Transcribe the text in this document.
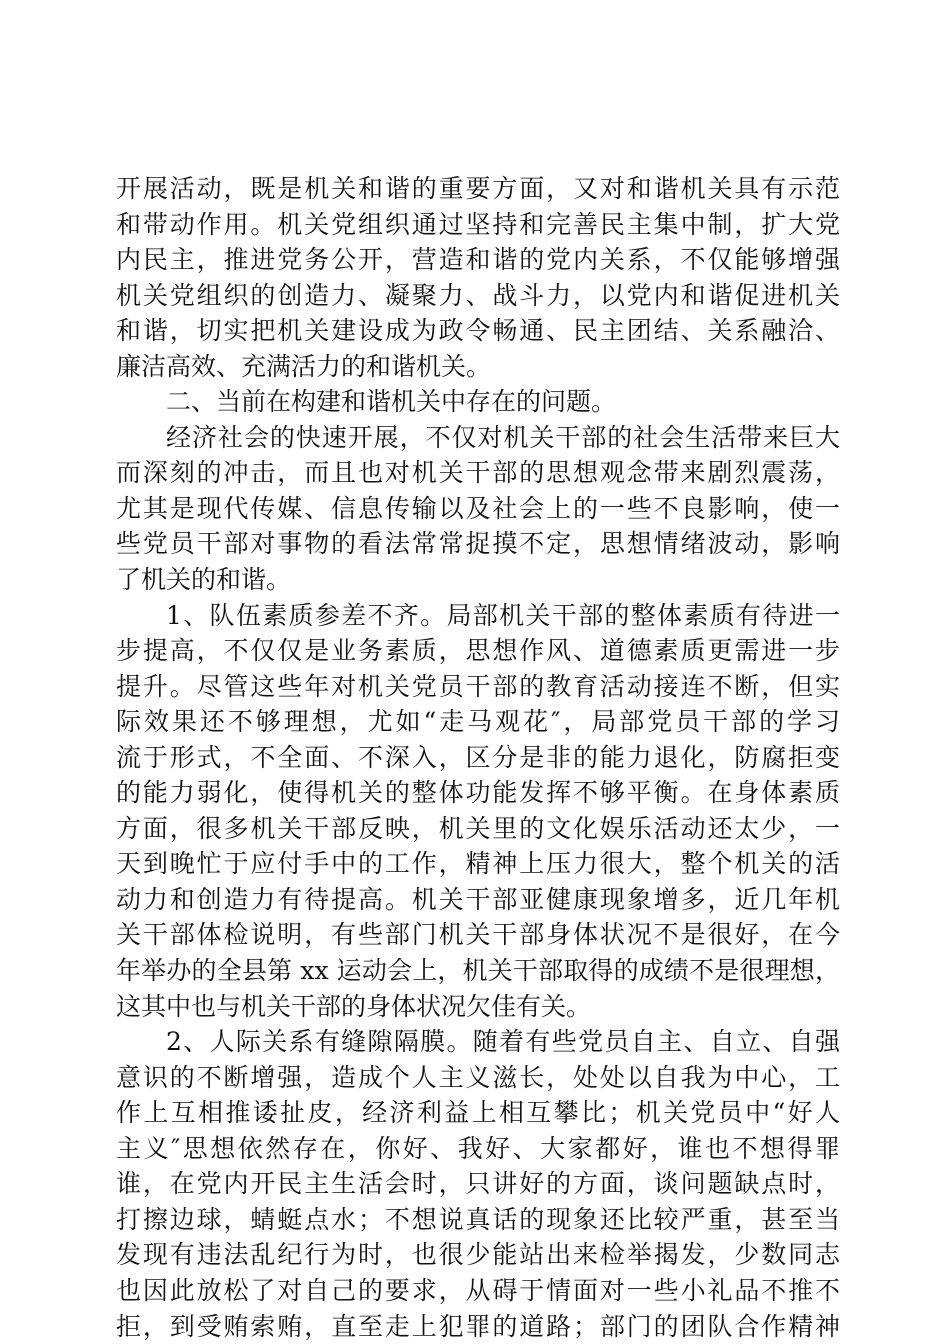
开展活动，既是机关和谐的重要方面，又对和谐机关具有示范
和带动作用。机关党组织通过坚持和完善民主集中制，扩大党
内民主，推进党务公开，营造和谐的党内关系，不仅能够增强
机关党组织的创造力、凝聚力、战斗力，以党内和谐促进机关
和谐，切实把机关建设成为政令畅通、民主团结、关系融洽、
廉洁高效、充满活力的和谐机关。
二、当前在构建和谐机关中存在的问题。
经济社会的快速开展，不仅对机关干部的社会生活带来巨大
而深刻的冲击，而且也对机关干部的思想观念带来剧烈震荡，
尤其是现代传媒、信息传输以及社会上的一些不良影响，使一
些党员干部对事物的看法常常捉摸不定，思想情绪波动，影响
了机关的和谐。
1、队伍素质参差不齐。局部机关干部的整体素质有待进一
步提高，不仅仅是业务素质，思想作风、道德素质更需进一步
提升。尽管这些年对机关党员干部的教育活动接连不断，但实
际效果还不够理想，尤如“走马观花″，局部党员干部的学习
流于形式，不全面、不深入，区分是非的能力退化，防腐拒变
的能力弱化，使得机关的整体功能发挥不够平衡。在身体素质
方面，很多机关干部反映，机关里的文化娱乐活动还太少，一
天到晚忙于应付手中的工作，精神上压力很大，整个机关的活
动力和创造力有待提高。机关干部亚健康现象增多，近几年机
关干部体检说明，有些部门机关干部身体状况不是很好，在今
年举办的全县第 xx 运动会上，机关干部取得的成绩不是很理想，
这其中也与机关干部的身体状况欠佳有关。
2、人际关系有缝隙隔膜。随着有些党员自主、自立、自强
意识的不断增强，造成个人主义滋长，处处以自我为中心，工
作上互相推诿扯皮，经济利益上相互攀比；机关党员中“好人
主义″思想依然存在，你好、我好、大家都好，谁也不想得罪
谁，在党内开民主生活会时，只讲好的方面，谈问题缺点时，
打擦边球，蜻蜓点水；不想说真话的现象还比较严重，甚至当
发现有违法乱纪行为时，也很少能站出来检举揭发，少数同志
也因此放松了对自己的要求，从碍于情面对一些小礼品不推不
拒，到受贿索贿，直至走上犯罪的道路；部门的团队合作精神
